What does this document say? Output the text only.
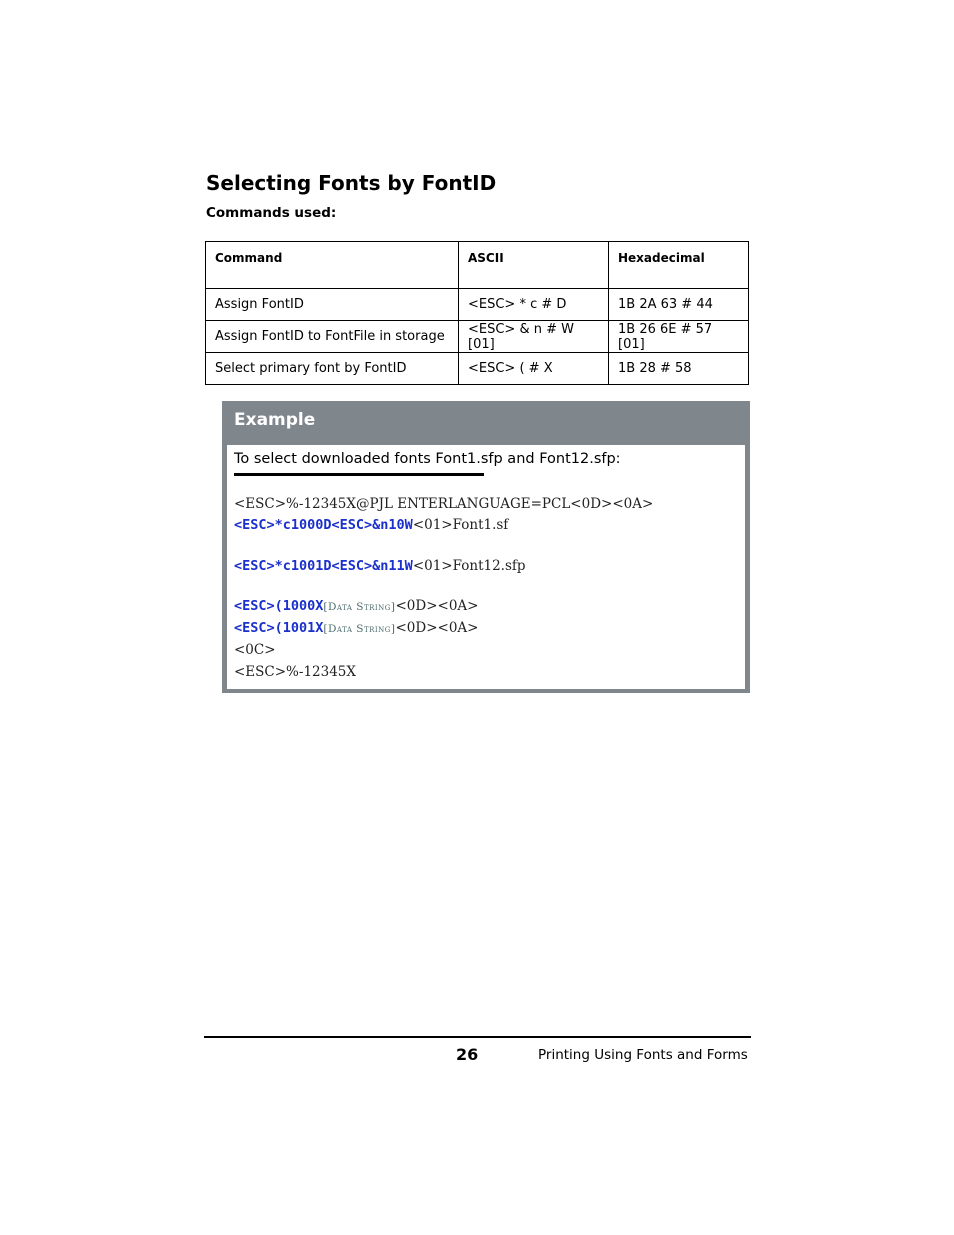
Selecting Fonts by FontID
Commands used:
Command	ASCII	Hexadecimal
Assign FontID	<ESC> * c # D	1B 2A 63 # 44
Assign FontID to FontFile in storage	<ESC> & n # W [01]	1B 26 6E # 57 [01]
Select primary font by FontID	<ESC> ( # X	1B 28 # 58
Example
To select downloaded fonts Font1.sfp and Font12.sfp:
<ESC>%-12345X@PJL ENTERLANGUAGE=PCL<0D><0A>
<ESC>*c1000D<ESC>&n10W<01>Font1.sf
<ESC>*c1001D<ESC>&n11W<01>Font12.sfp
<ESC>(1000X[Data String]<0D><0A>
<ESC>(1001X[Data String]<0D><0A>
<0C>
<ESC>%-12345X
26	Printing Using Fonts and Forms
